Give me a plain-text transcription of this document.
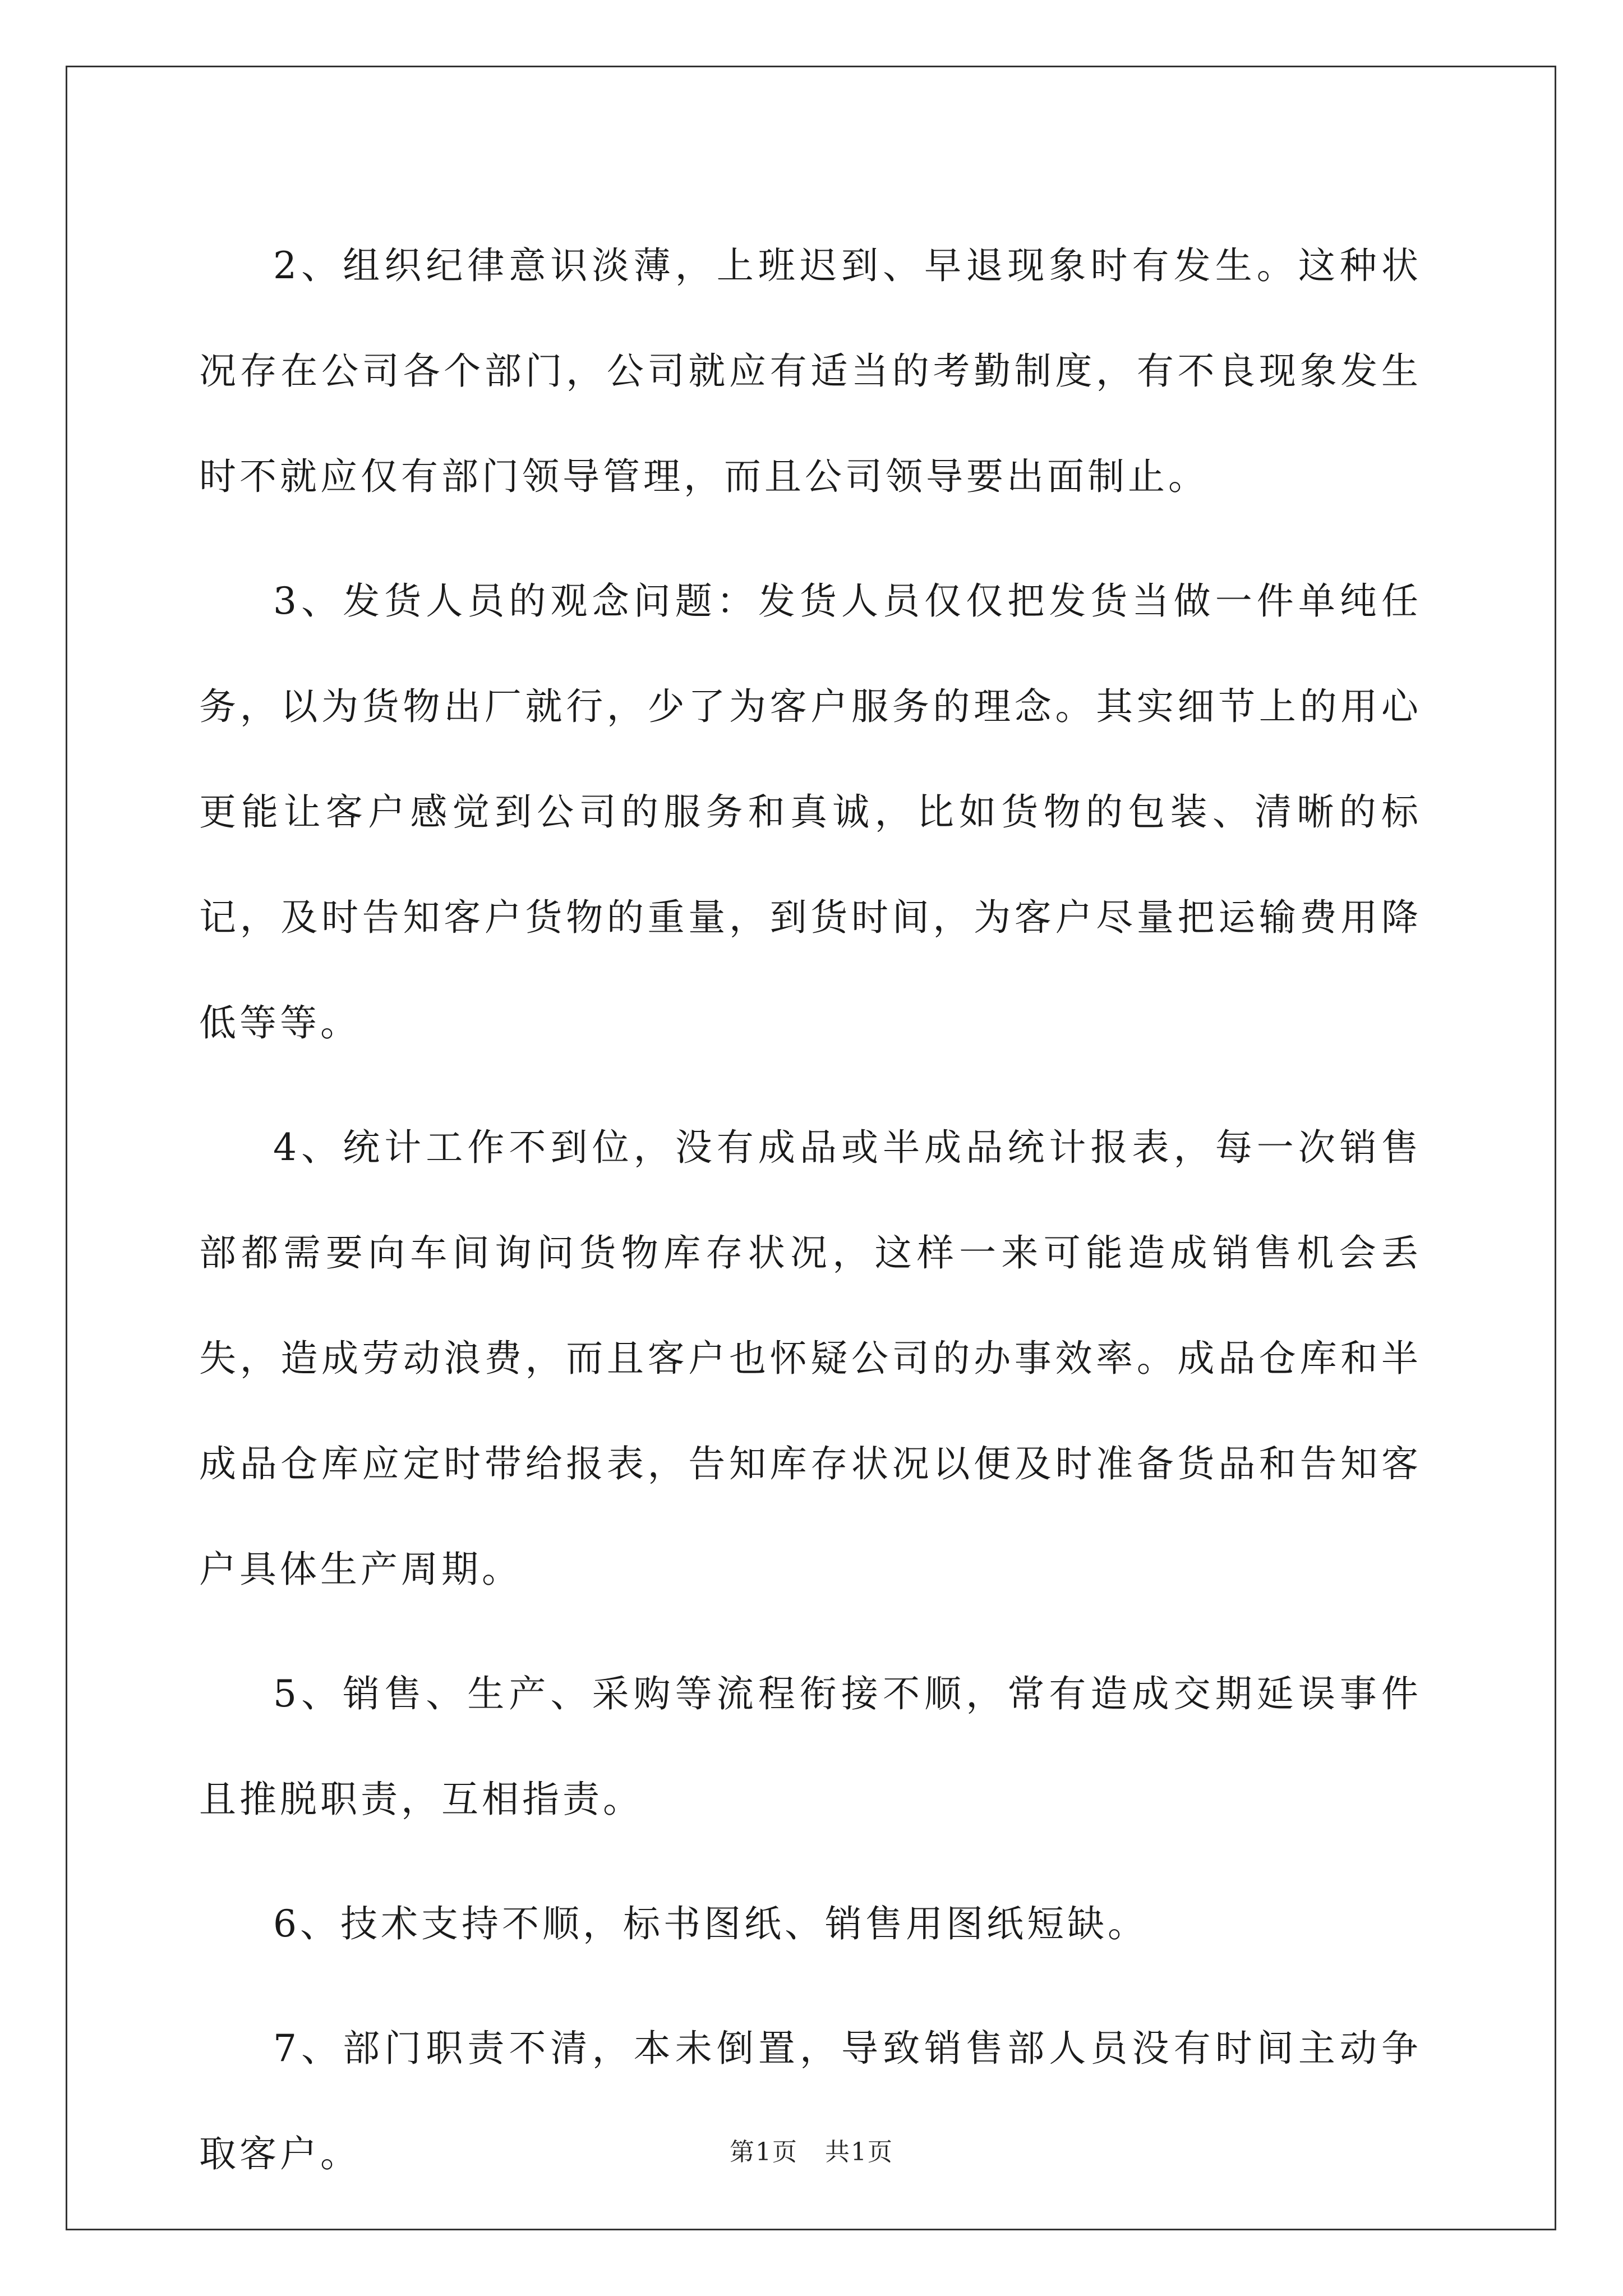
2、组织纪律意识淡薄，上班迟到、早退现象时有发生。这种状况存在公司各个部门，公司就应有适当的考勤制度，有不良现象发生时不就应仅有部门领导管理，而且公司领导要出面制止。

3、发货人员的观念问题：发货人员仅仅把发货当做一件单纯任务，以为货物出厂就行，少了为客户服务的理念。其实细节上的用心更能让客户感觉到公司的服务和真诚，比如货物的包装、清晰的标记，及时告知客户货物的重量，到货时间，为客户尽量把运输费用降低等等。

4、统计工作不到位，没有成品或半成品统计报表，每一次销售部都需要向车间询问货物库存状况，这样一来可能造成销售机会丢失，造成劳动浪费，而且客户也怀疑公司的办事效率。成品仓库和半成品仓库应定时带给报表，告知库存状况以便及时准备货品和告知客户具体生产周期。

5、销售、生产、采购等流程衔接不顺，常有造成交期延误事件且推脱职责，互相指责。

6、技术支持不顺，标书图纸、销售用图纸短缺。

7、部门职责不清，本未倒置，导致销售部人员没有时间主动争取客户。	第1页   共1页
